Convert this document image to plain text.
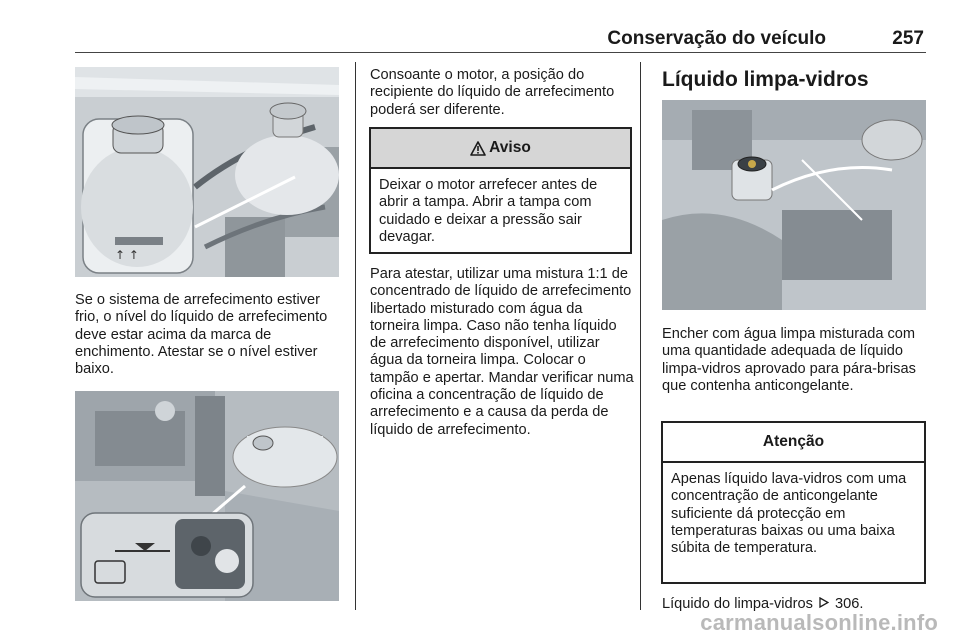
Conservação do veículo	257
↑ ↑

Se o sistema de arrefecimento estiver frio, o nível do líquido de arrefecimento deve estar acima da marca de enchimento. Atestar se o nível estiver baixo.

Consoante o motor, a posição do recipiente do líquido de arrefecimento poderá ser diferente.

Aviso
Deixar o motor arrefecer antes de abrir a tampa. Abrir a tampa com cuidado e deixar a pressão sair devagar.

Para atestar, utilizar uma mistura 1:1 de concentrado de líquido de arrefecimento libertado misturado com água da torneira limpa. Caso não tenha líquido de arrefecimento disponível, utilizar água da torneira limpa. Colocar o tampão e apertar. Mandar verificar numa oficina a concentração de líquido de arrefecimento e a causa da perda de líquido de arrefecimento.

Líquido limpa-vidros

Encher com água limpa misturada com uma quantidade adequada de líquido limpa-vidros aprovado para pára-brisas que contenha anticongelante.

Atenção
Apenas líquido lava-vidros com uma concentração de anticongelante suficiente dá protecção em temperaturas baixas ou uma baixa súbita de temperatura.

Líquido do limpa-vidros 306.

carmanualsonline.info
